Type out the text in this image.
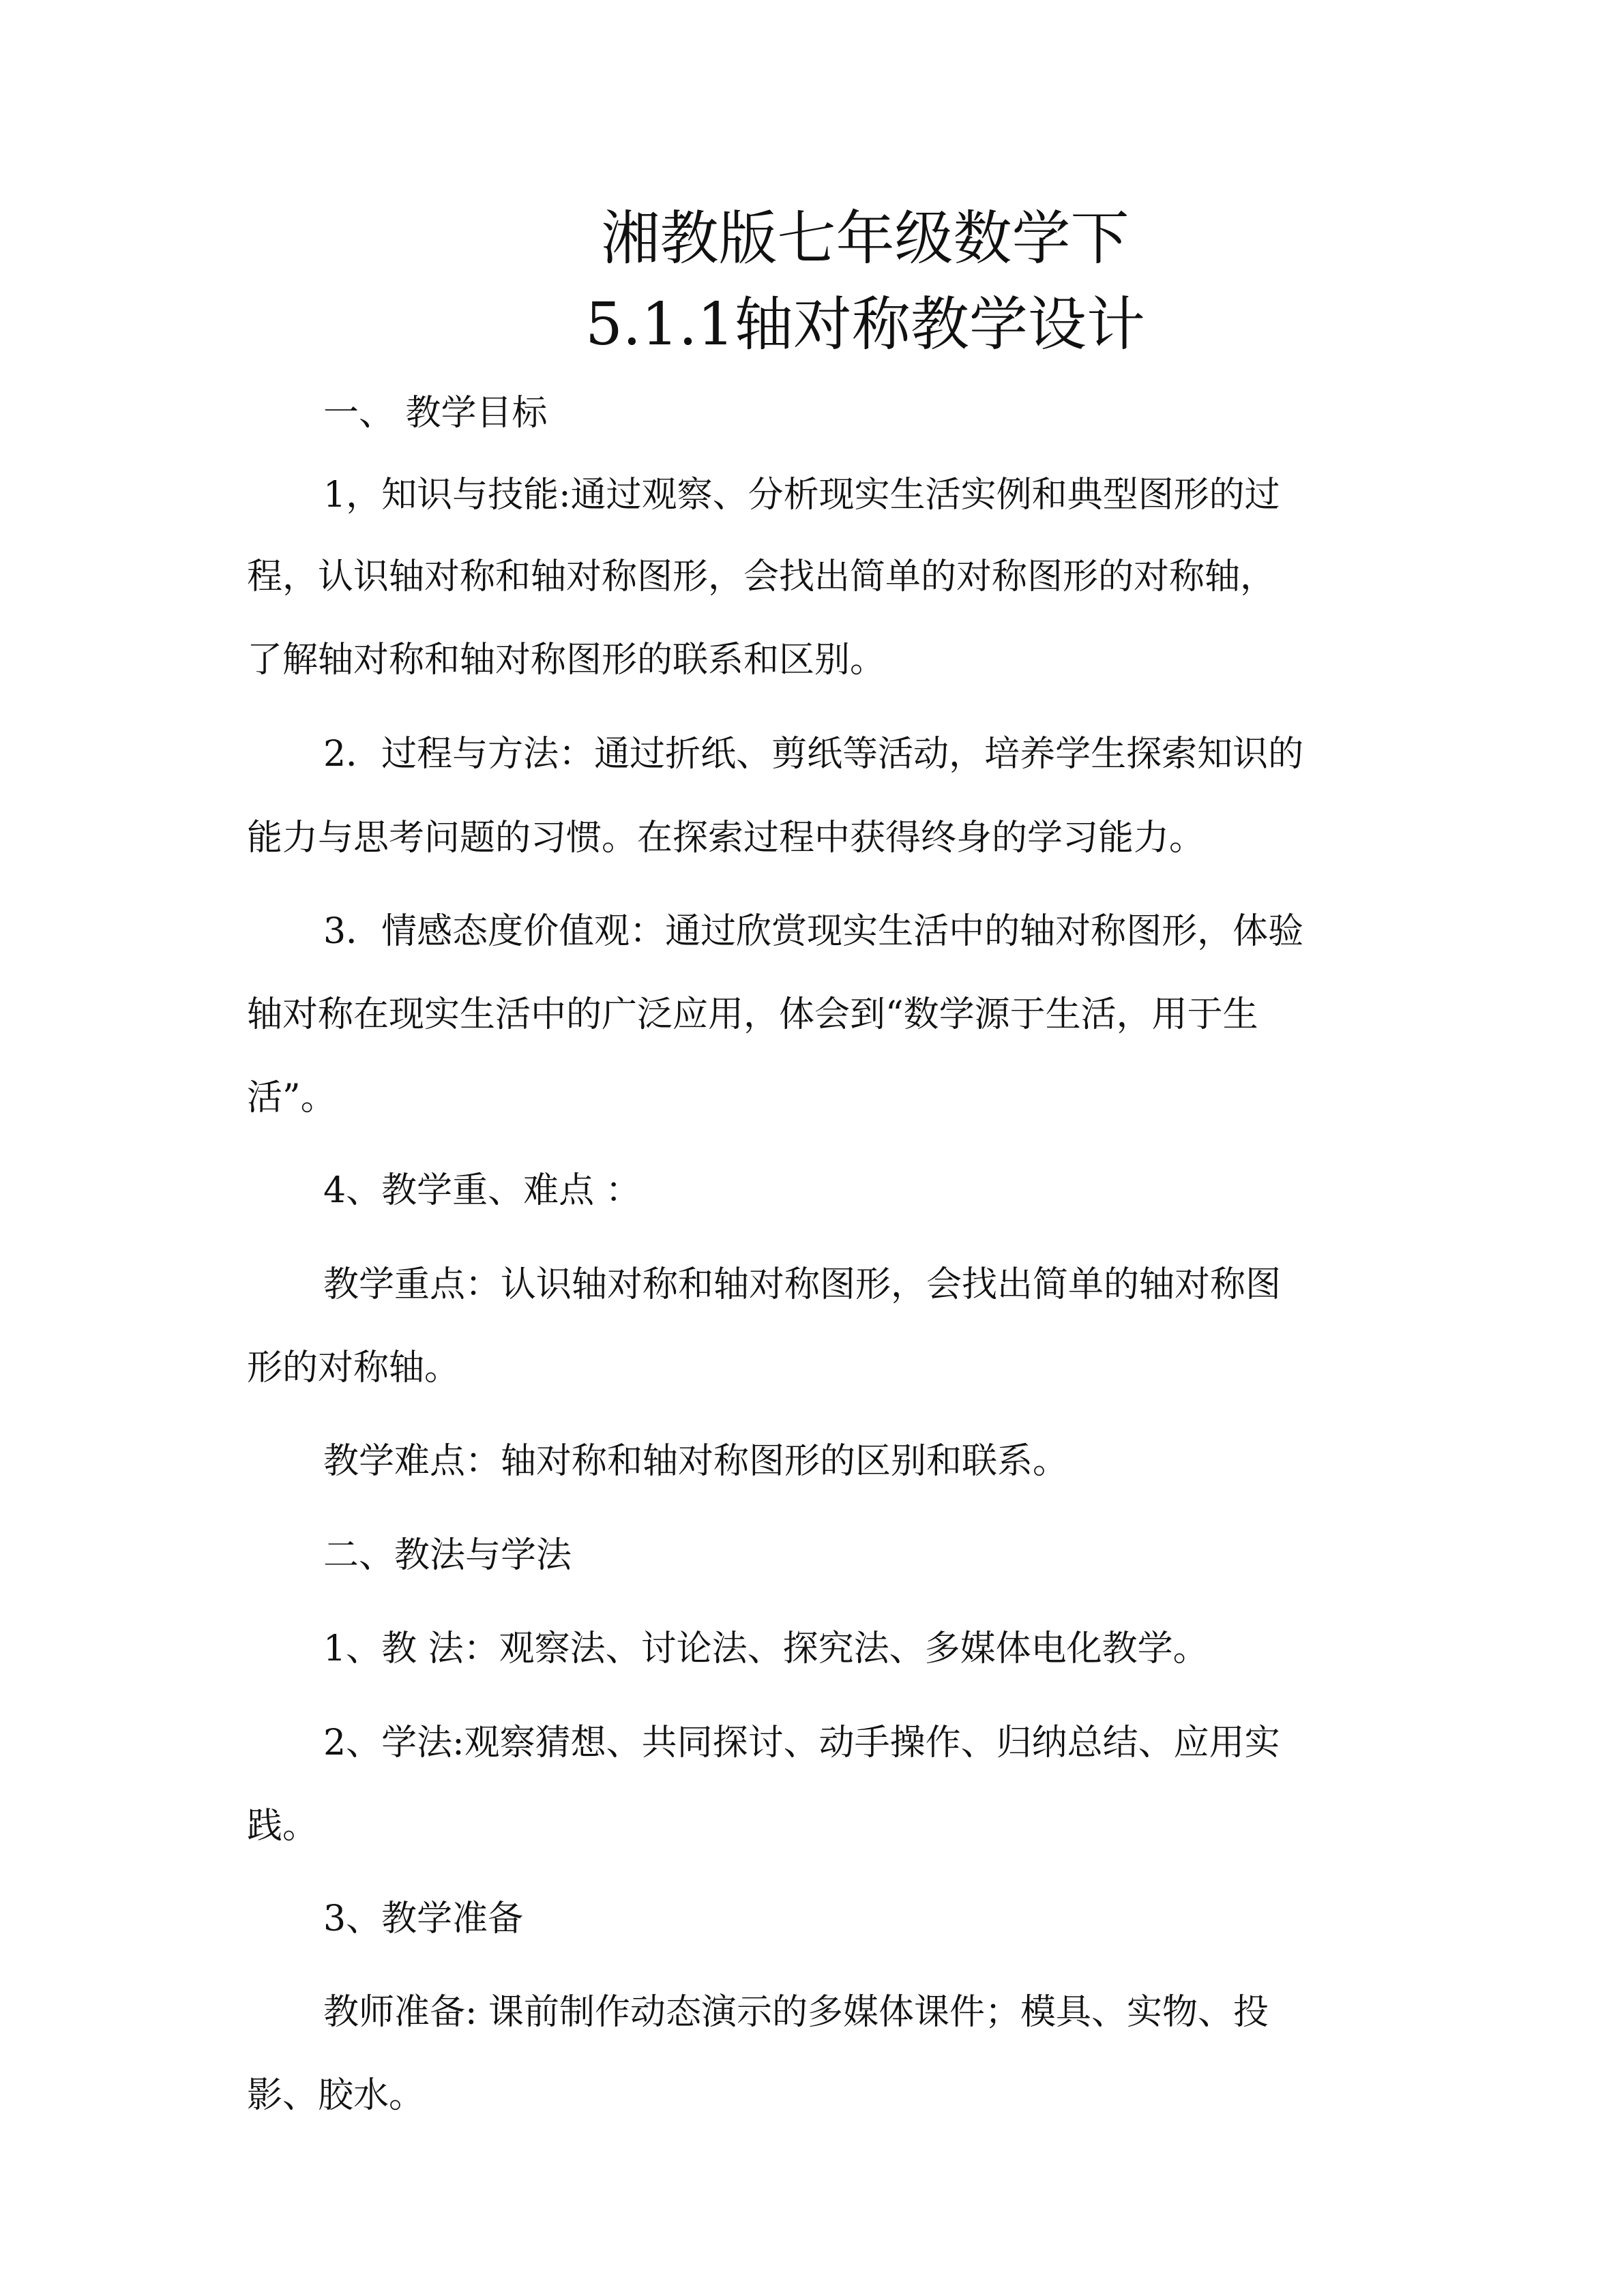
湘教版七年级数学下
5.1.1轴对称教学设计

一、 教学目标

1，知识与技能:通过观察、分析现实生活实例和典型图形的过

程，认识轴对称和轴对称图形，会找出简单的对称图形的对称轴，

了解轴对称和轴对称图形的联系和区别。

2．过程与方法：通过折纸、剪纸等活动，培养学生探索知识的

能力与思考问题的习惯。在探索过程中获得终身的学习能力。

3．情感态度价值观：通过欣赏现实生活中的轴对称图形，体验

轴对称在现实生活中的广泛应用，体会到“数学源于生活，用于生

活”。

4、教学重、难点 ：

教学重点：认识轴对称和轴对称图形，会找出简单的轴对称图

形的对称轴。

教学难点：轴对称和轴对称图形的区别和联系。

二、教法与学法

1、教 法：观察法、讨论法、探究法、多媒体电化教学。

2、学法:观察猜想、共同探讨、动手操作、归纳总结、应用实

践。

3、教学准备

教师准备: 课前制作动态演示的多媒体课件；模具、实物、投

影、胶水。
